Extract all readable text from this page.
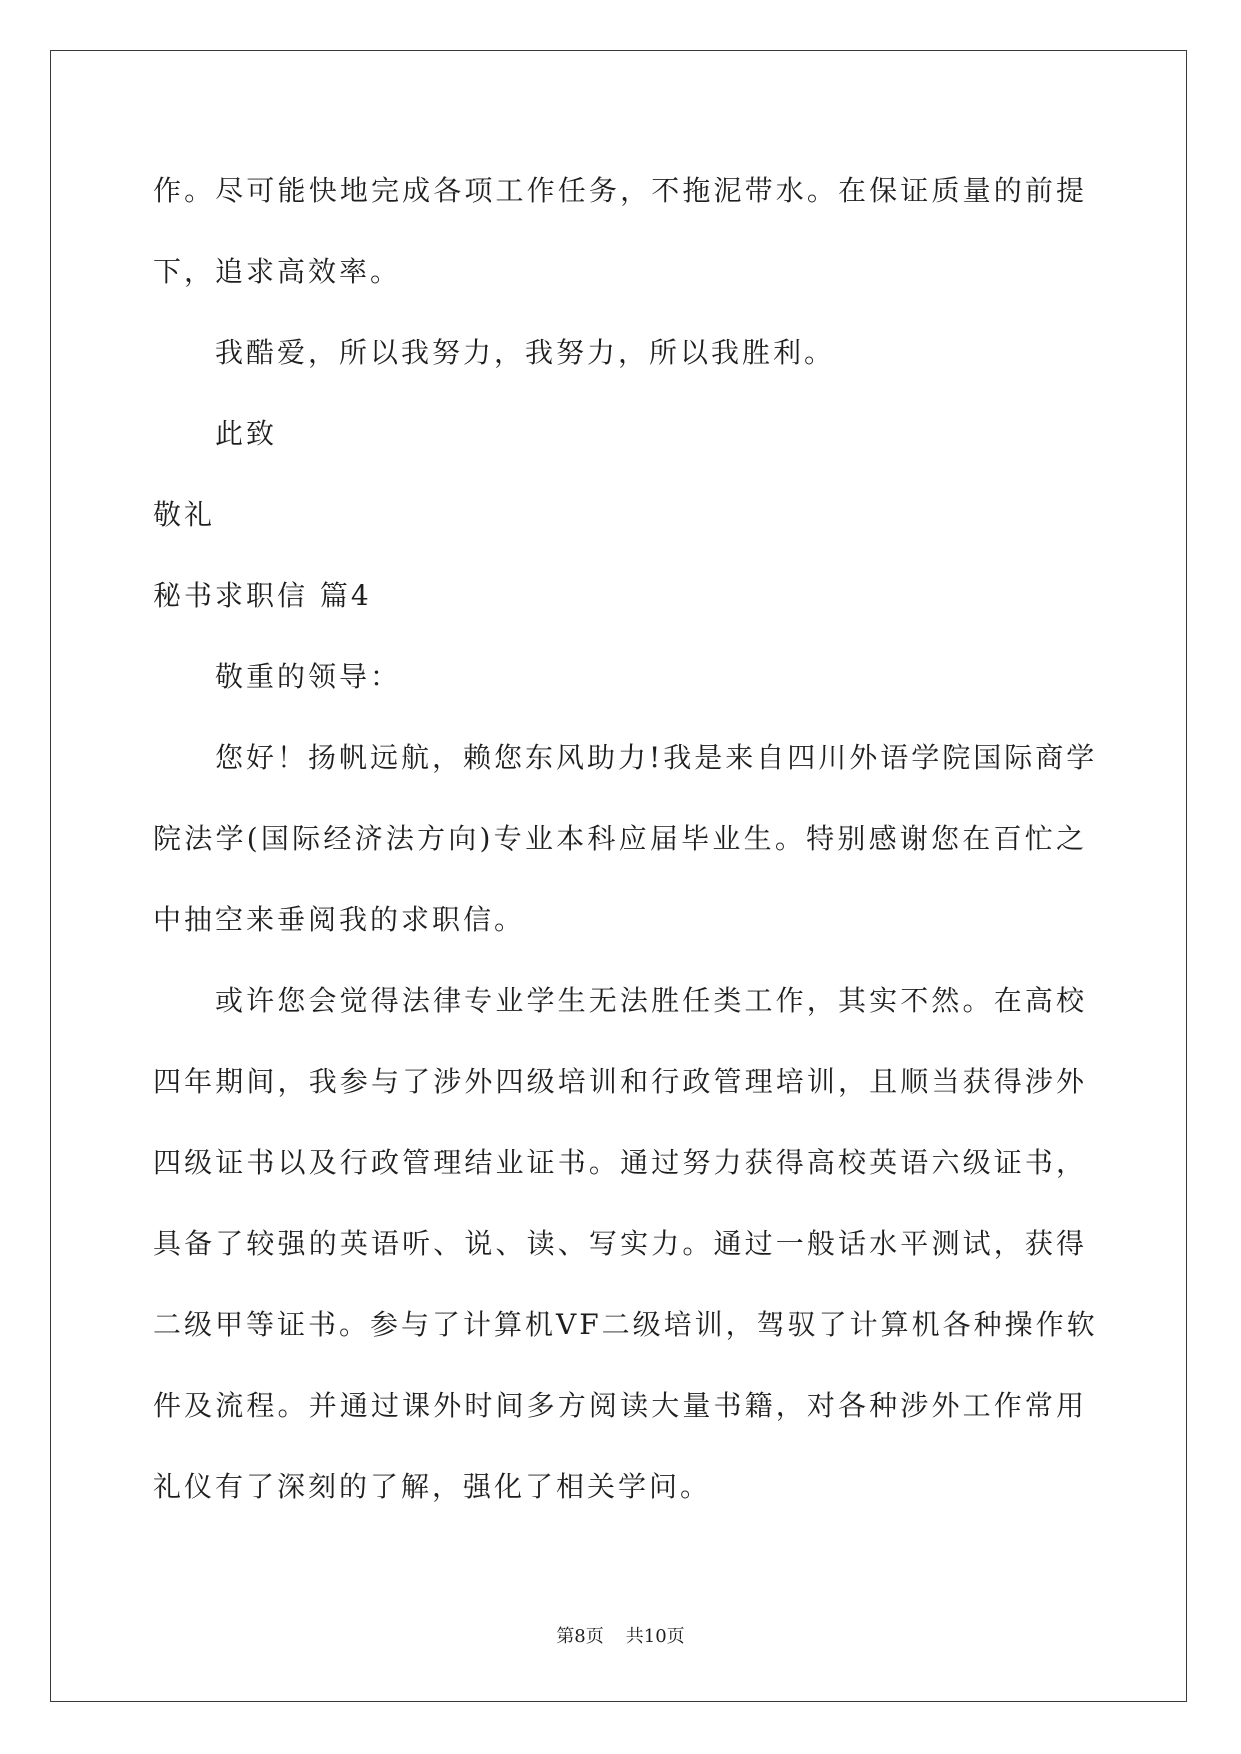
作。尽可能快地完成各项工作任务，不拖泥带水。在保证质量的前提
下，追求高效率。
我酷爱，所以我努力，我努力，所以我胜利。
此致
敬礼
秘书求职信 篇4
敬重的领导：
您好！扬帆远航，赖您东风助力!我是来自四川外语学院国际商学
院法学(国际经济法方向)专业本科应届毕业生。特别感谢您在百忙之
中抽空来垂阅我的求职信。
或许您会觉得法律专业学生无法胜任类工作，其实不然。在高校
四年期间，我参与了涉外四级培训和行政管理培训，且顺当获得涉外
四级证书以及行政管理结业证书。通过努力获得高校英语六级证书，
具备了较强的英语听、说、读、写实力。通过一般话水平测试，获得
二级甲等证书。参与了计算机VF二级培训，驾驭了计算机各种操作软
件及流程。并通过课外时间多方阅读大量书籍，对各种涉外工作常用
礼仪有了深刻的了解，强化了相关学问。
第8页 共10页
